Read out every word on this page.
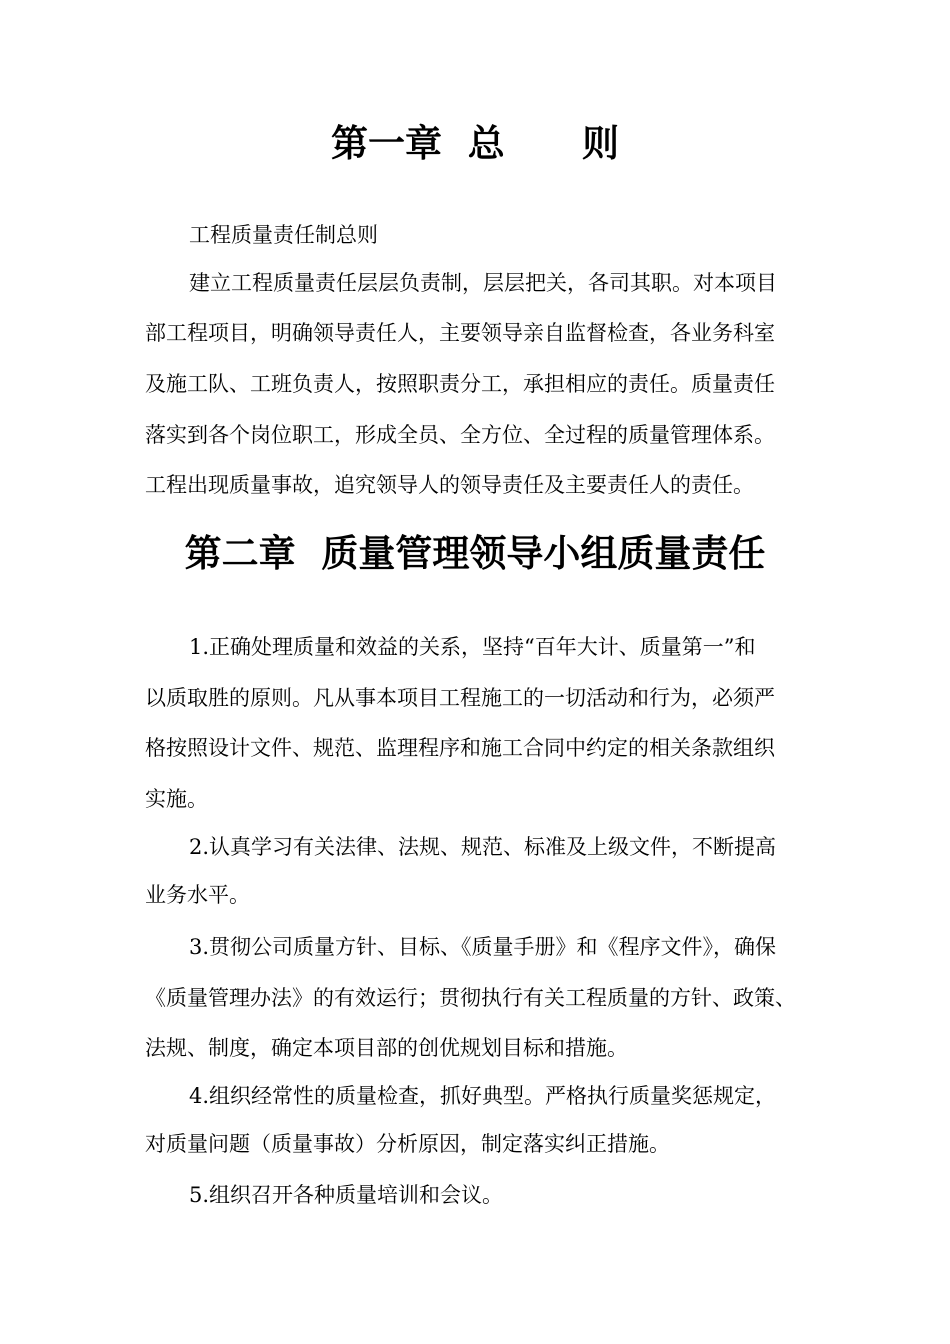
第一章  总      则

工程质量责任制总则

建立工程质量责任层层负责制，层层把关，各司其职。对本项目

部工程项目，明确领导责任人，主要领导亲自监督检查，各业务科室

及施工队、工班负责人，按照职责分工，承担相应的责任。质量责任

落实到各个岗位职工，形成全员、全方位、全过程的质量管理体系。

工程出现质量事故，追究领导人的领导责任及主要责任人的责任。

第二章  质量管理领导小组质量责任

1.正确处理质量和效益的关系，坚持“百年大计、质量第一”和

以质取胜的原则。凡从事本项目工程施工的一切活动和行为，必须严

格按照设计文件、规范、监理程序和施工合同中约定的相关条款组织

实施。

2.认真学习有关法律、法规、规范、标准及上级文件，不断提高

业务水平。

3.贯彻公司质量方针、目标、《质量手册》和《程序文件》，确保

《质量管理办法》的有效运行；贯彻执行有关工程质量的方针、政策、

法规、制度，确定本项目部的创优规划目标和措施。

4.组织经常性的质量检查，抓好典型。严格执行质量奖惩规定，

对质量问题（质量事故）分析原因，制定落实纠正措施。

5.组织召开各种质量培训和会议。
